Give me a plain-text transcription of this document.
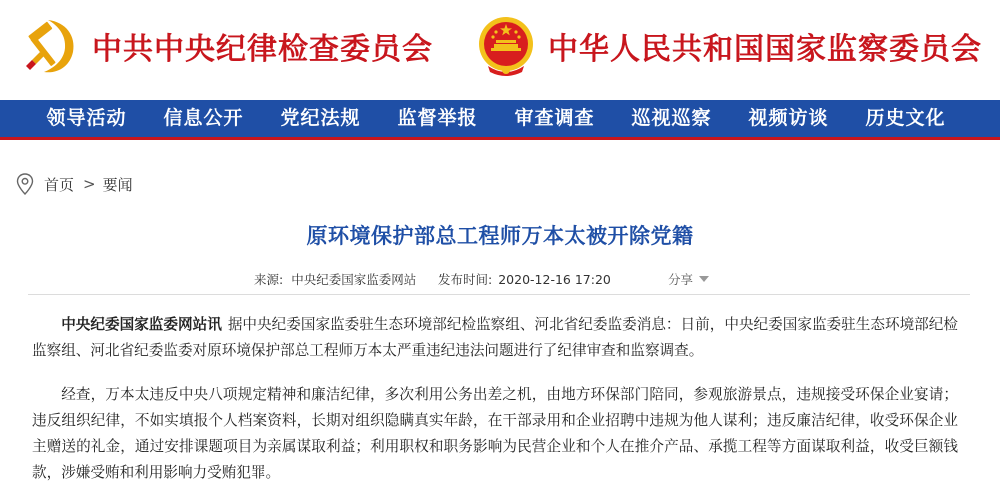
中共中央纪律检查委员会	中华人民共和国国家监察委员会
领导活动	信息公开	党纪法规	监督举报	审查调查	巡视巡察	视频访谈	历史文化
首页 > 要闻
原环境保护部总工程师万本太被开除党籍
来源: 中央纪委国家监委网站 发布时间: 2020-12-16 17:20	分享

中央纪委国家监委网站讯 据中央纪委国家监委驻生态环境部纪检监察组、河北省纪委监委消息：日前，中央纪委国家监委驻生态环境部纪检监察组、河北省纪委监委对原环境保护部总工程师万本太严重违纪违法问题进行了纪律审查和监察调查。

经查，万本太违反中央八项规定精神和廉洁纪律，多次利用公务出差之机，由地方环保部门陪同，参观旅游景点，违规接受环保企业宴请；违反组织纪律，不如实填报个人档案资料，长期对组织隐瞒真实年龄，在干部录用和企业招聘中违规为他人谋利；违反廉洁纪律，收受环保企业主赠送的礼金，通过安排课题项目为亲属谋取利益；利用职权和职务影响为民营企业和个人在推介产品、承揽工程等方面谋取利益，收受巨额钱款，涉嫌受贿和利用影响力受贿犯罪。
